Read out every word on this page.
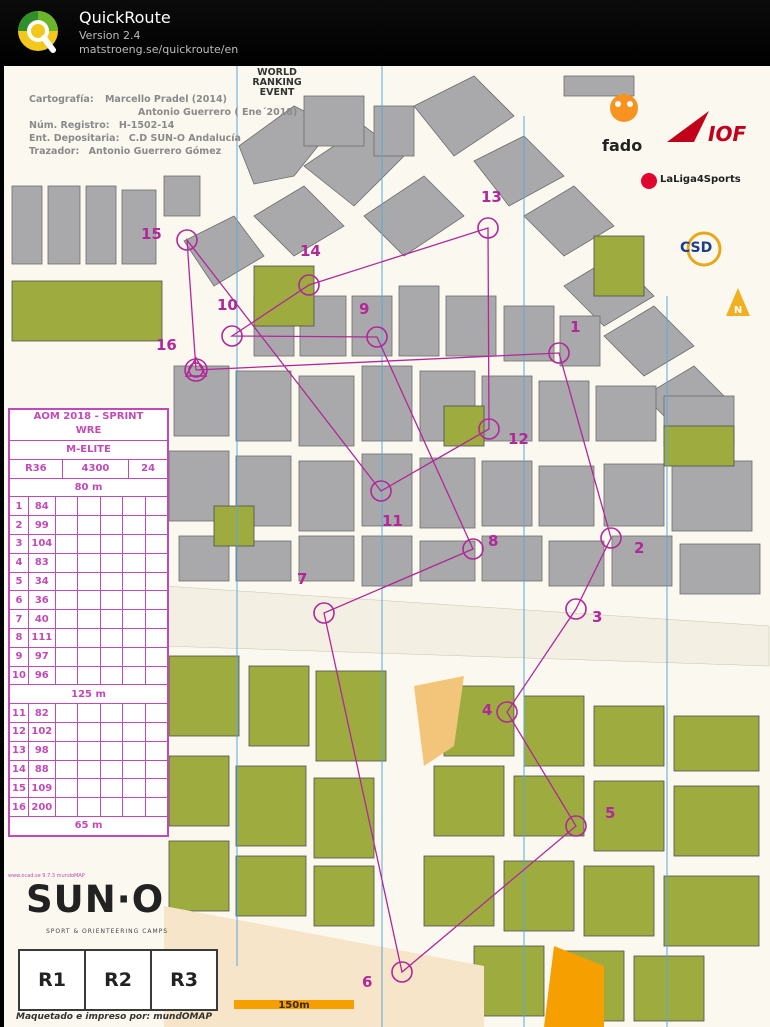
QuickRoute
Version 2.4
matstroeng.se/quickroute/en
N
WORLD RANKING EVENT
Cartografía: Marcello Pradel (2014)
Antonio Guerrero ( Ene´2018)
Núm. Registro: H-1502-14
Ent. Depositaria: C.D SUN-O Andalucía
Trazador: Antonio Guerrero Gómez
1
2
3
4
5
6
7
8
9
10
11
12
13
14
15
16
fado	IOF
LaLiga4Sports
CSD
AOM 2018 - SPRINT WRE
M-ELITE
R36	4300	24
80 m
1	84
2	99
3 104
4	83
5	34
6	36
7	40
8 111
9	97
10 96
125 m
11 82
12 102
13 98
14 88
15 109
16 200
65 m
www.ocad.se 9.7.3 mundoMAP
SUN·O
SPORT & ORIENTEERING CAMPS
R1	R2	R3
Maquetado e impreso por: mundOMAP
150m
